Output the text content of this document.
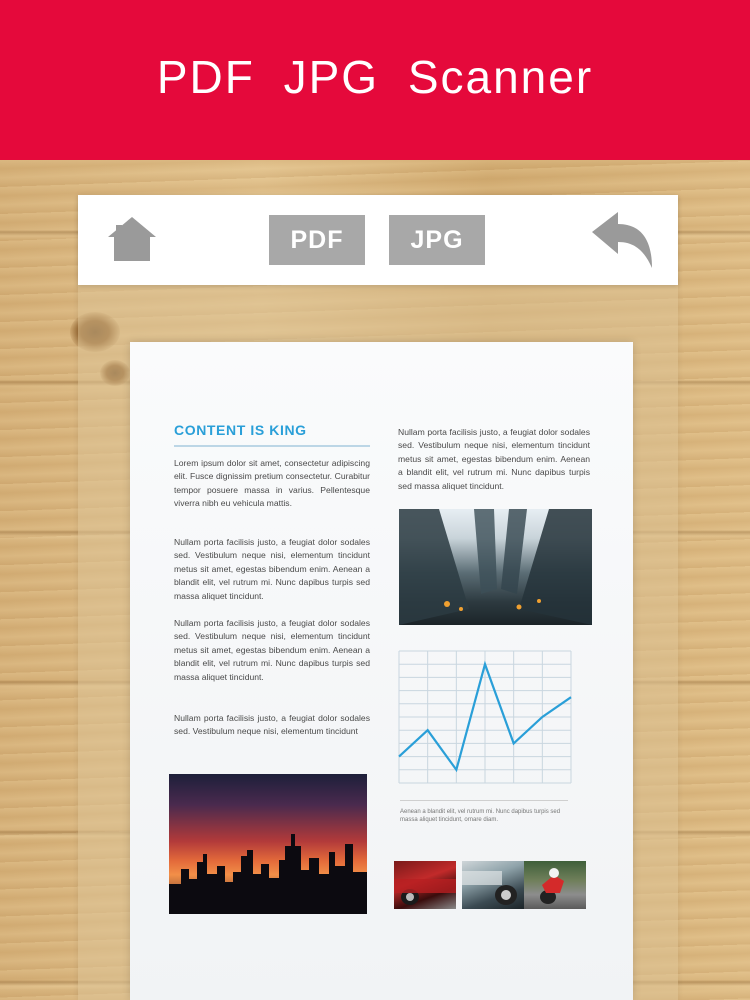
PDF JPG Scanner
PDF	JPG
CONTENT IS KING
Lorem ipsum dolor sit amet, consectetur adipiscing elit. Fusce dignissim pretium consectetur. Curabitur tempor posuere massa in varius. Pellentesque viverra nibh eu vehicula mattis.
Nullam porta facilisis justo, a feugiat dolor sodales sed. Vestibulum neque nisi, elementum tincidunt metus sit amet, egestas bibendum enim. Aenean a blandit elit, vel rutrum mi. Nunc dapibus turpis sed massa aliquet tincidunt.
Nullam porta facilisis justo, a feugiat dolor sodales sed. Vestibulum neque nisi, elementum tincidunt metus sit amet, egestas bibendum enim. Aenean a blandit elit, vel rutrum mi. Nunc dapibus turpis sed massa aliquet tincidunt.
Nullam porta facilisis justo, a feugiat dolor sodales sed. Vestibulum neque nisi, elementum tincidunt
Nullam porta facilisis justo, a feugiat dolor sodales sed. Vestibulum neque nisi, elementum tincidunt metus sit amet, egestas bibendum enim. Aenean a blandit elit, vel rutrum mi. Nunc dapibus turpis sed massa aliquet tincidunt.
Aenean a blandit elit, vel rutrum mi. Nunc dapibus turpis sed massa aliquet tincidunt, ornare diam.
